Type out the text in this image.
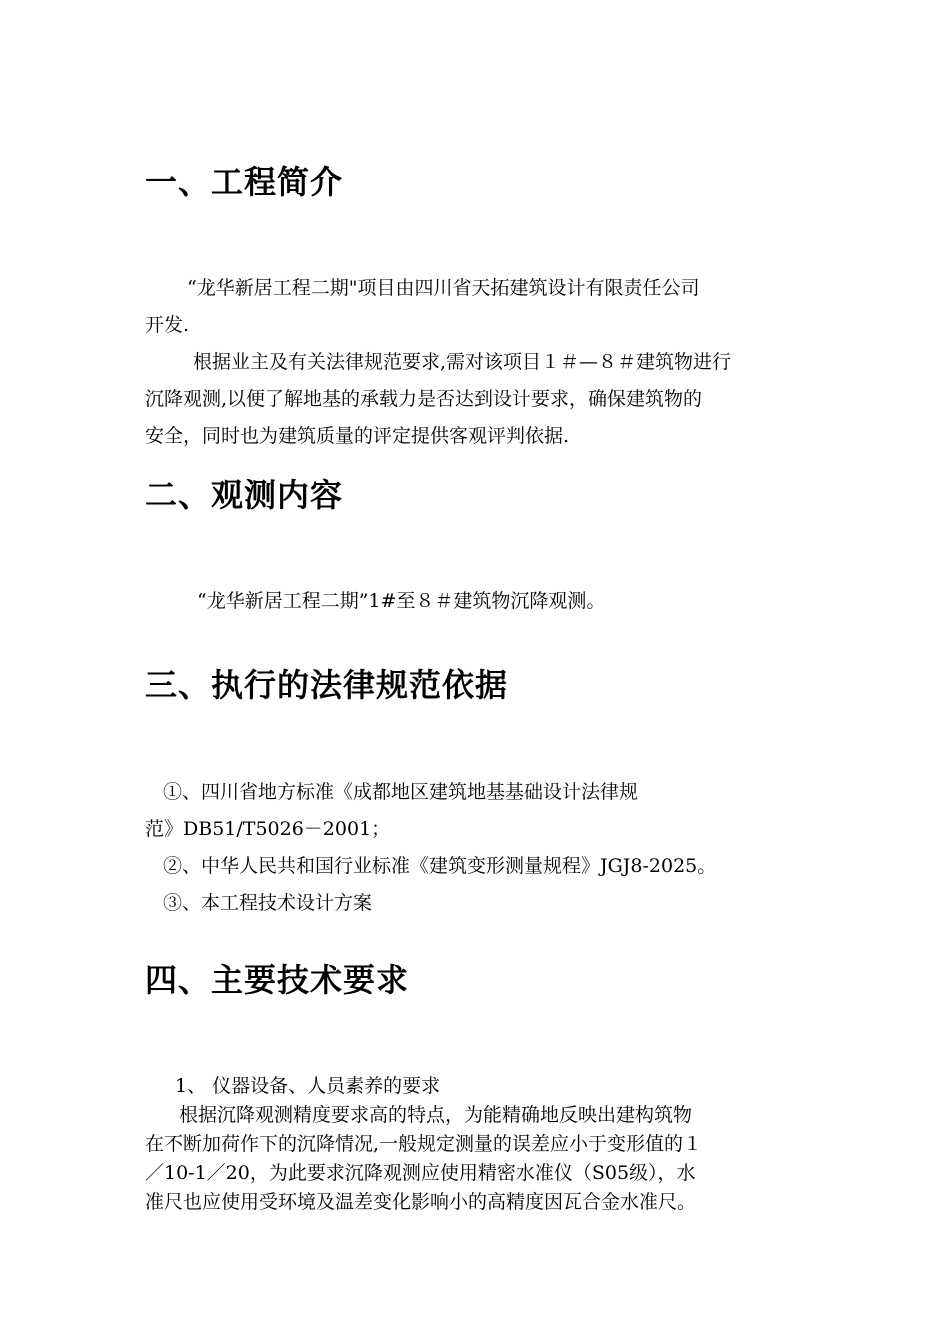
一、工程简介
“龙华新居工程二期"项目由四川省天拓建筑设计有限责任公司
开发.
根据业主及有关法律规范要求,需对该项目１＃—８＃建筑物进行
沉降观测,以便了解地基的承载力是否达到设计要求，确保建筑物的
安全，同时也为建筑质量的评定提供客观评判依据.
二、观测内容
“龙华新居工程二期”1#至８＃建筑物沉降观测。
三、执行的法律规范依据
①、四川省地方标准《成都地区建筑地基基础设计法律规
范》DB51/T5026－2001；
②、中华人民共和国行业标准《建筑变形测量规程》JGJ8-2025。
③、本工程技术设计方案
四、主要技术要求
1、 仪器设备、人员素养的要求
根据沉降观测精度要求高的特点，为能精确地反映出建构筑物
在不断加荷作下的沉降情况,一般规定测量的误差应小于变形值的１
／10-1／20，为此要求沉降观测应使用精密水准仪（S05级），水
准尺也应使用受环境及温差变化影响小的高精度因瓦合金水准尺。
